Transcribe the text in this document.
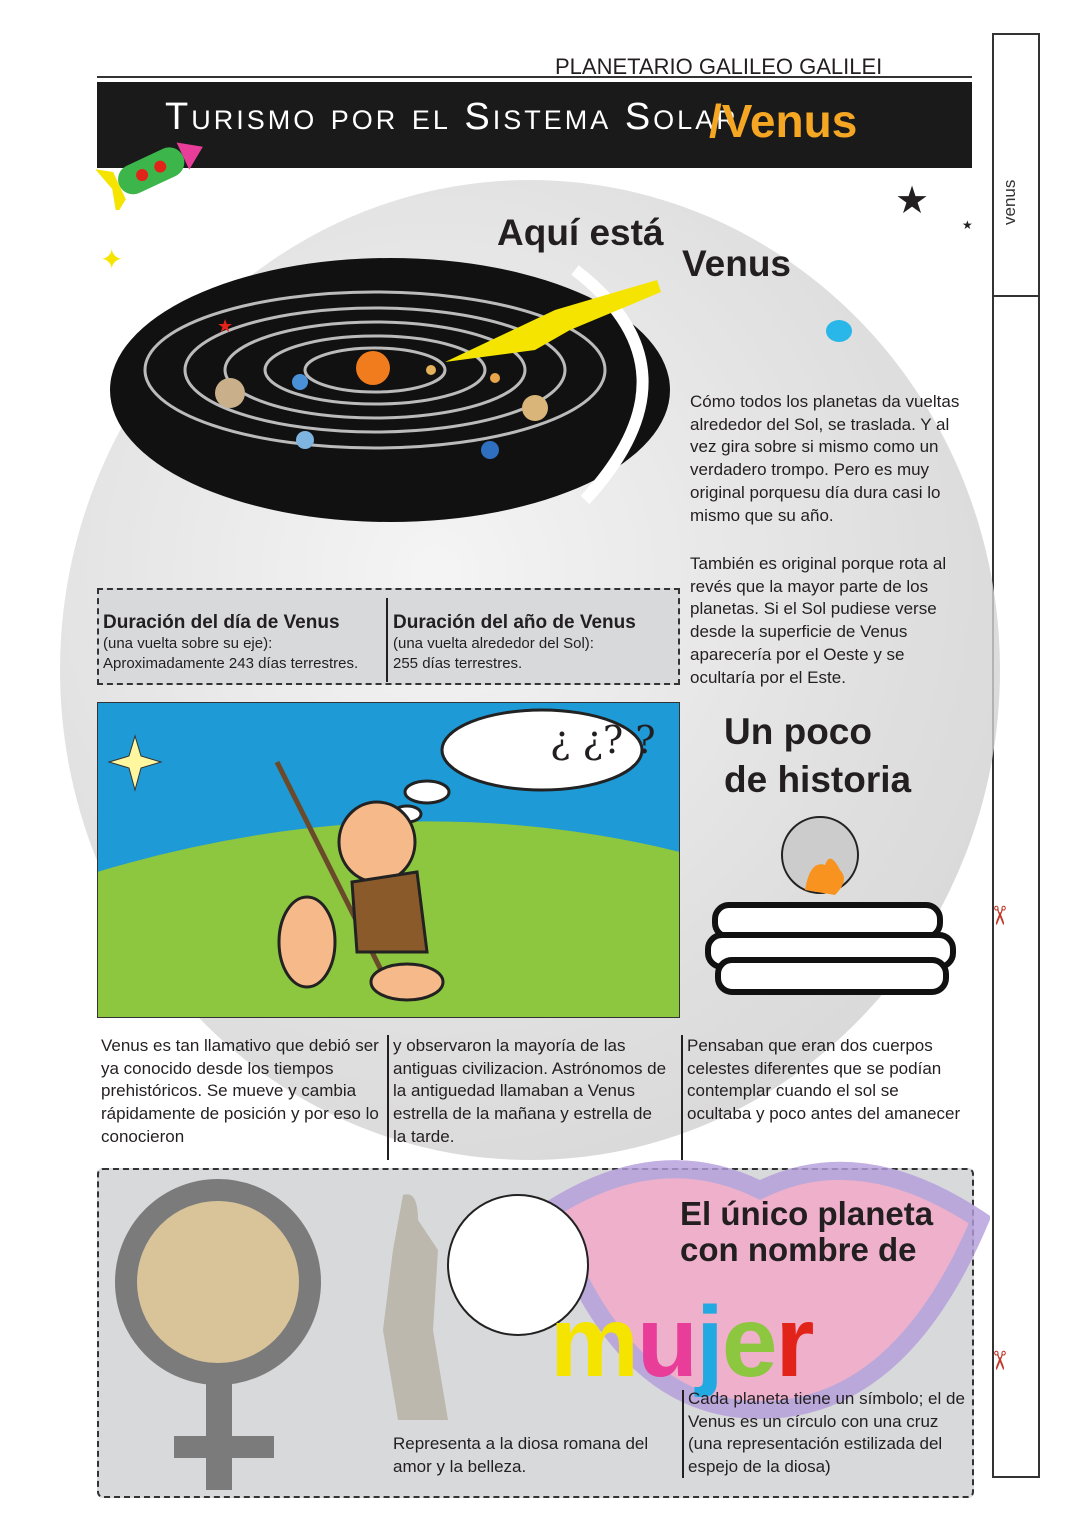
venus
PLANETARIO GALILEO GALILEI
Turismo por el Sistema Solar
/Venus
★
★
★
✦
Aquí está
Venus
Cómo todos los planetas da vueltas alrededor del Sol, se traslada. Y al vez gira sobre si mismo como un verdadero trompo. Pero es muy original porquesu día dura casi lo mismo que su año.
También es original porque rota al revés que la mayor parte de los planetas. Si el Sol pudiese verse desde la superficie de Venus aparecería por el Oeste y se ocultaría por el Este.
Duración del día de Venus
(una vuelta sobre su eje):
Aproximadamente 243 días terrestres.
Duración del año de Venus
(una vuelta alrededor del Sol):
255 días terrestres.
¿ ¿? ? Un poco
de historia
Venus es tan llamativo que debió ser ya conocido desde los tiempos prehistóricos. Se mueve y cambia rápidamente de posición y por eso lo conocieron
y observaron la mayoría de las antiguas civilizacion. Astrónomos de la antiguedad llamaban a Venus estrella de la mañana y estrella de la tarde.
Pensaban que eran dos cuerpos celestes diferentes que se podían contemplar cuando el sol se ocultaba y poco antes del amanecer
El único planeta
con nombre de
mujer
Representa a la diosa romana del amor y la belleza.
Cada planeta tiene un símbolo; el de Venus es un círculo con una cruz (una representación estilizada del espejo de la diosa)
✂
✂
